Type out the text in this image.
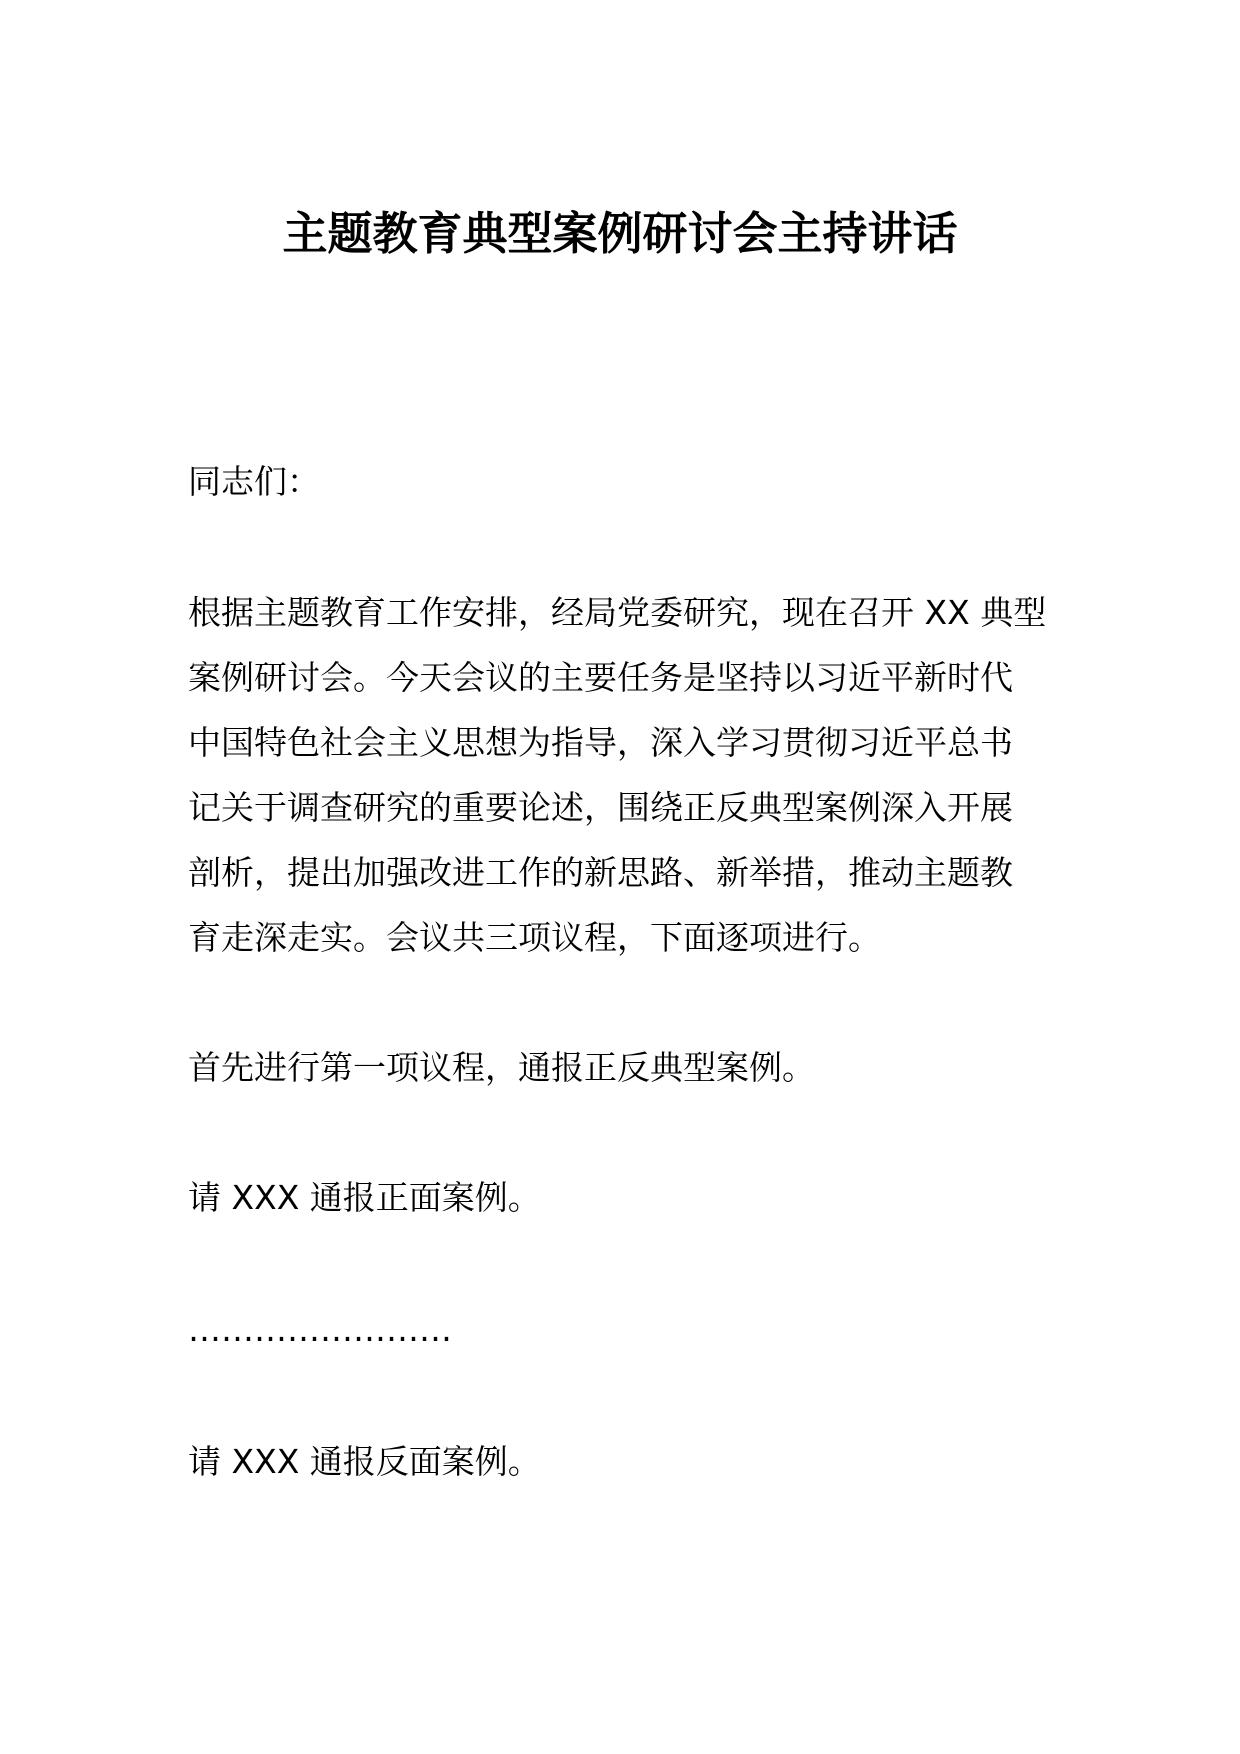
主题教育典型案例研讨会主持讲话

同志们：

根据主题教育工作安排，经局党委研究，现在召开 XX 典型
案例研讨会。今天会议的主要任务是坚持以习近平新时代
中国特色社会主义思想为指导，深入学习贯彻习近平总书
记关于调查研究的重要论述，围绕正反典型案例深入开展
剖析，提出加强改进工作的新思路、新举措，推动主题教
育走深走实。会议共三项议程，下面逐项进行。

首先进行第一项议程，通报正反典型案例。

请 XXX 通报正面案例。

……………………

请 XXX 通报反面案例。
